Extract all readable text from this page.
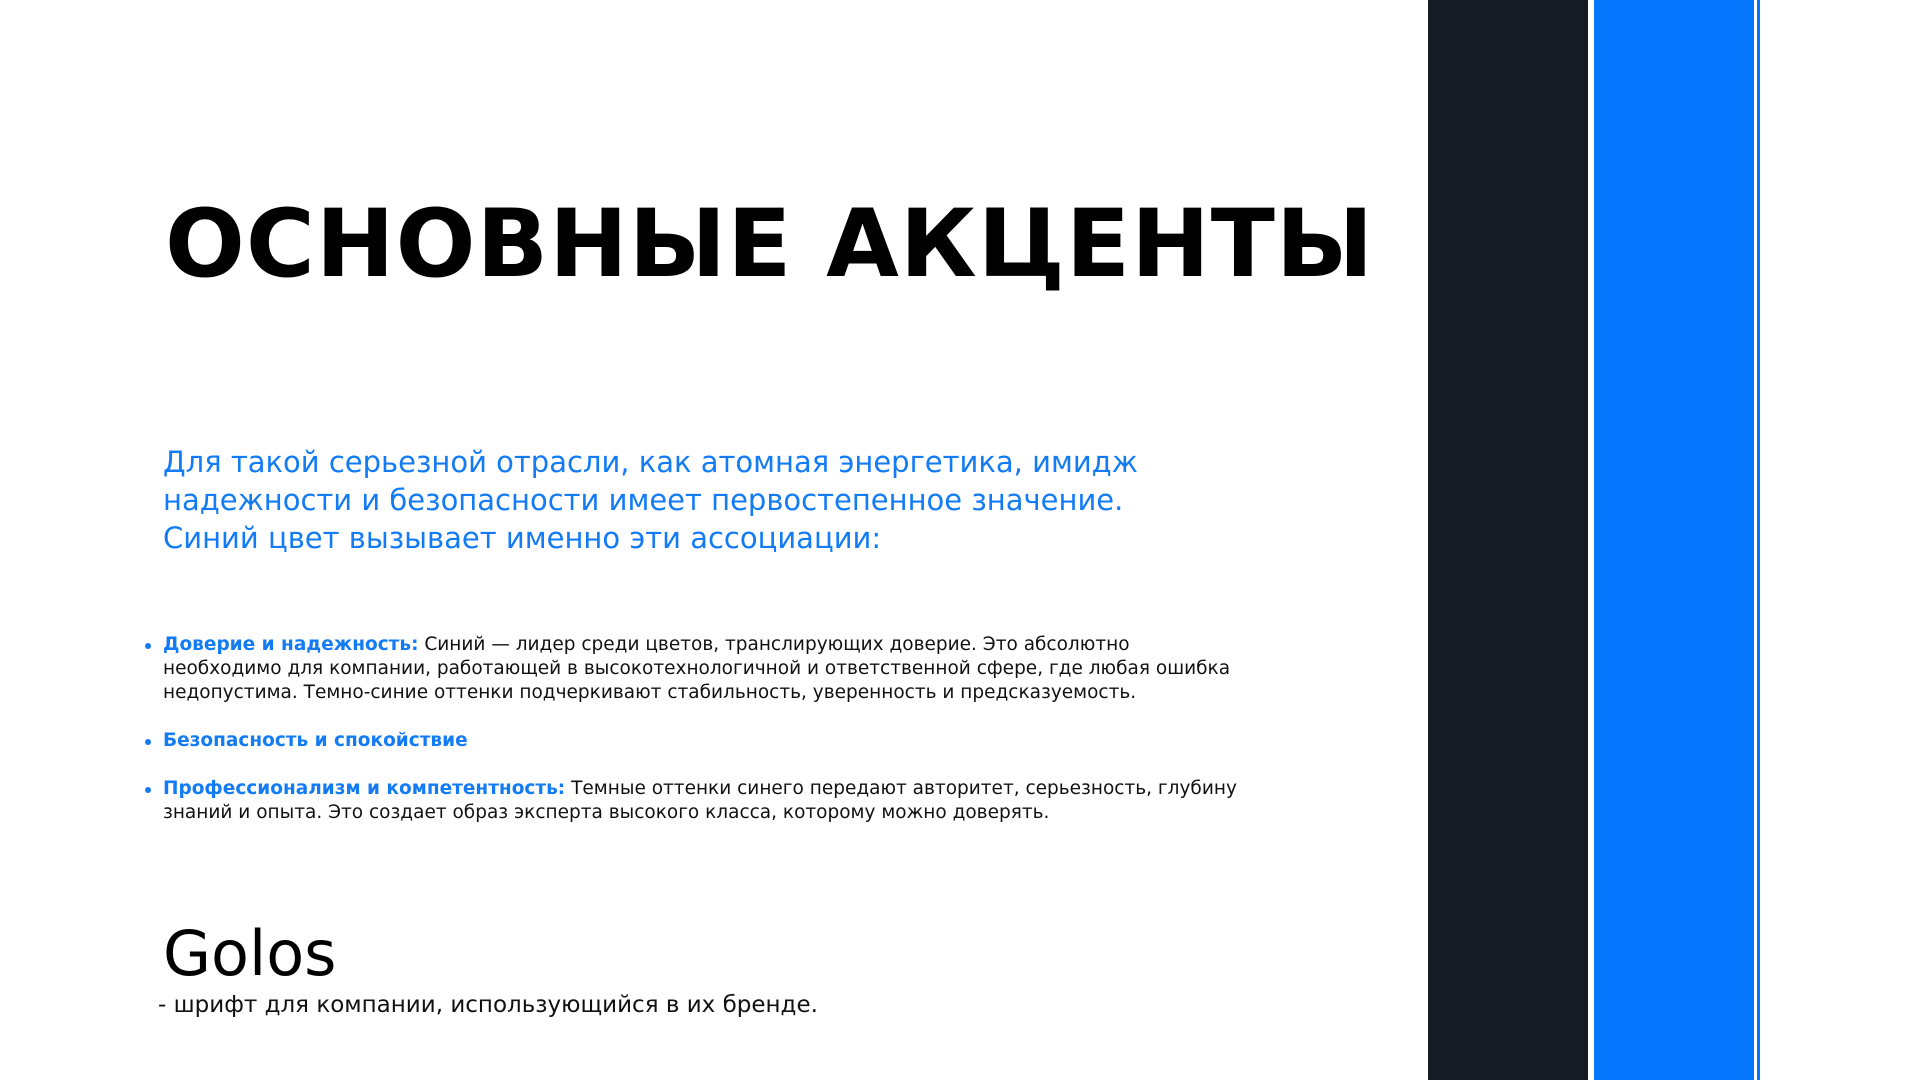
ОСНОВНЫЕ АКЦЕНТЫ

Для такой серьезной отрасли, как атомная энергетика, имидж надежности и безопасности имеет первостепенное значение. Синий цвет вызывает именно эти ассоциации:

Доверие и надежность: Синий — лидер среди цветов, транслирующих доверие. Это абсолютно необходимо для компании, работающей в высокотехнологичной и ответственной сфере, где любая ошибка недопустима. Темно-синие оттенки подчеркивают стабильность, уверенность и предсказуемость.
Безопасность и спокойствие
Профессионализм и компетентность: Темные оттенки синего передают авторитет, серьезность, глубину знаний и опыта. Это создает образ эксперта высокого класса, которому можно доверять.
Golos
- шрифт для компании, использующийся в их бренде.
